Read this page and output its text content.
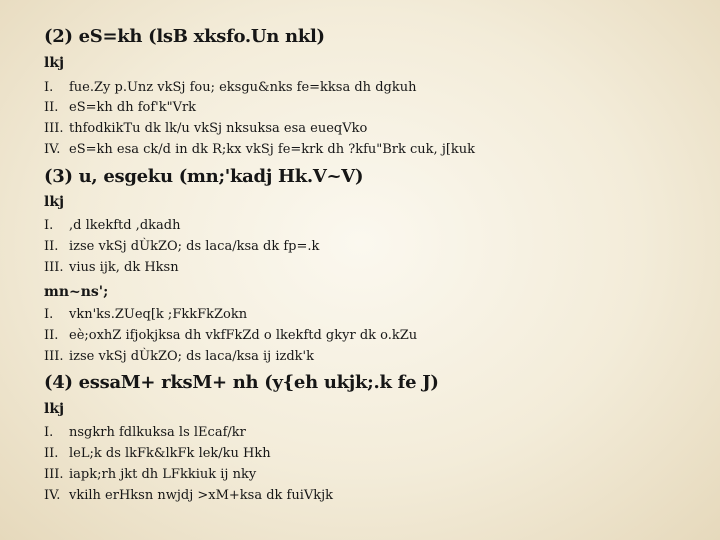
(2) eS=kh (lsB xksfo.Un nkl)
lkj
I.	fue.Zy p.Unz vkSj fou; eksgu&nks fe=kksa dh dgkuh
II. eS=kh dh fof'k"Vrk
III. thfodkikTu dk lk/u vkSj nksuksa esa eueqVko
IV. eS=kh esa ck/d in dk R;kx vkSj fe=krk dh ?kfu"Brk cuk, j[kuk
(3) u, esgeku (mn;'kadj Hk.V~V)
lkj
I.	,d lkekftd ,dkadh
II. izse vkSj dÙkZO; ds laca/ksa dk fp=.k
III. vius ijk, dk Hksn
mn~ns';
I.	vkn'ks.ZUeq[k ;FkkFkZokn
II. eè;oxhZ ifjokjksa dh vkfFkZd o lkekftd gkyr dk o.kZu
III. izse vkSj dÙkZO; ds laca/ksa ij izdk'k
(4) essaM+ rksM+ nh (y{eh ukjk;.k fe J)
lkj
I.	nsgkrh fdlkuksa ls lEcaf/kr
II. leL;k ds lkFk&lkFk lek/ku Hkh
III. iapk;rh jkt dh LFkkiuk ij nky
IV. vkilh erHksn nwjdj >xM+ksa dk fuiVkjk
